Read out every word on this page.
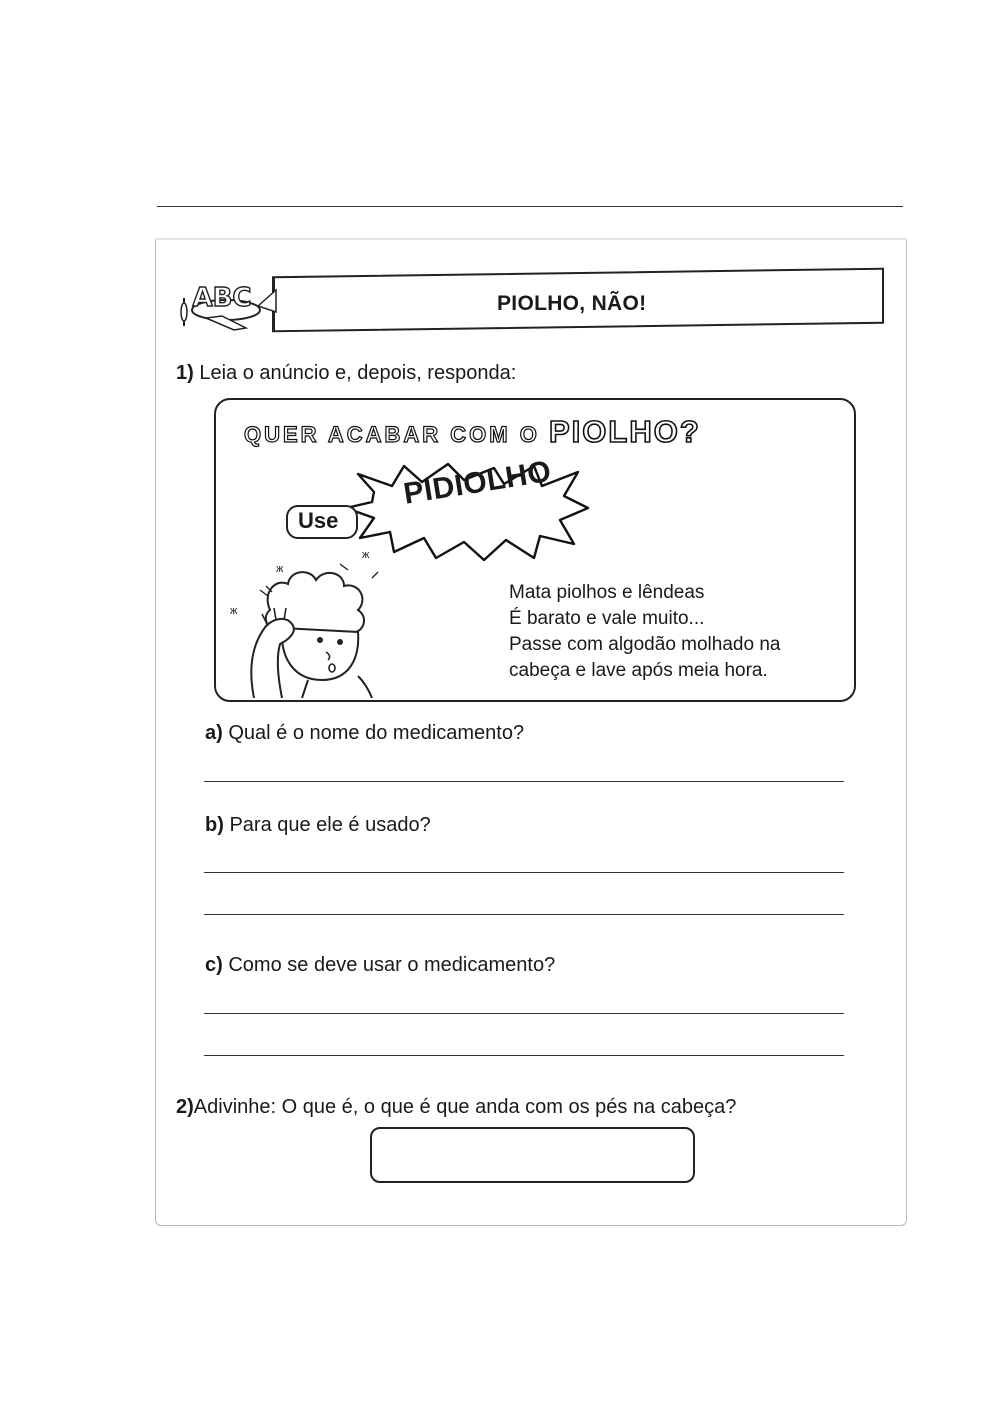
PIOLHO, NÃO!
ABC
1) Leia o anúncio e, depois, responda:
QUER ACABAR COM O PIOLHO?
Use
PIDIOLHO
ж
ж
ж
Mata piolhos e lêndeas
É barato e vale muito...
Passe com algodão molhado na
cabeça e lave após meia hora.
a) Qual é o nome do medicamento?
b) Para que ele é usado?
c) Como se deve usar o medicamento?
2)Adivinhe: O que é, o que é que anda com os pés na cabeça?
